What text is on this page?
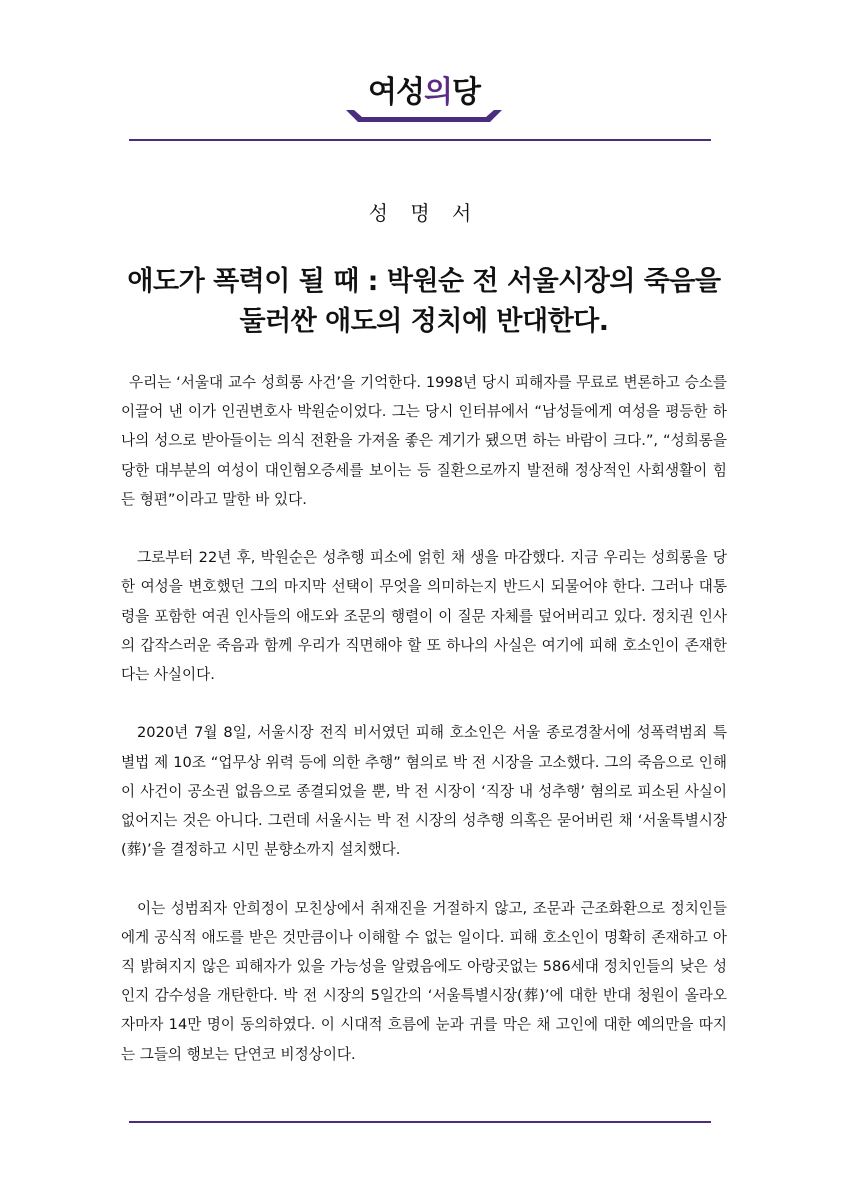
여성의당
성 명 서
애도가 폭력이 될 때 : 박원순 전 서울시장의 죽음을
둘러싼 애도의 정치에 반대한다.

우리는 ‘서울대 교수 성희롱 사건’을 기억한다. 1998년 당시 피해자를 무료로 변론하고 승소를 이끌어 낸 이가 인권변호사 박원순이었다. 그는 당시 인터뷰에서 “남성들에게 여성을 평등한 하나의 성으로 받아들이는 의식 전환을 가져올 좋은 계기가 됐으면 하는 바람이 크다.”, “성희롱을 당한 대부분의 여성이 대인혐오증세를 보이는 등 질환으로까지 발전해 정상적인 사회생활이 힘든 형편”이라고 말한 바 있다.

그로부터 22년 후, 박원순은 성추행 피소에 얽힌 채 생을 마감했다. 지금 우리는 성희롱을 당한 여성을 변호했던 그의 마지막 선택이 무엇을 의미하는지 반드시 되물어야 한다. 그러나 대통령을 포함한 여권 인사들의 애도와 조문의 행렬이 이 질문 자체를 덮어버리고 있다. 정치권 인사의 갑작스러운 죽음과 함께 우리가 직면해야 할 또 하나의 사실은 여기에 피해 호소인이 존재한다는 사실이다.

2020년 7월 8일, 서울시장 전직 비서였던 피해 호소인은 서울 종로경찰서에 성폭력범죄 특별법 제 10조 “업무상 위력 등에 의한 추행” 혐의로 박 전 시장을 고소했다. 그의 죽음으로 인해 이 사건이 공소권 없음으로 종결되었을 뿐, 박 전 시장이 ‘직장 내 성추행’ 혐의로 피소된 사실이 없어지는 것은 아니다. 그런데 서울시는 박 전 시장의 성추행 의혹은 묻어버린 채 ‘서울특별시장(葬)’을 결정하고 시민 분향소까지 설치했다.

이는 성범죄자 안희정이 모친상에서 취재진을 거절하지 않고, 조문과 근조화환으로 정치인들에게 공식적 애도를 받은 것만큼이나 이해할 수 없는 일이다. 피해 호소인이 명확히 존재하고 아직 밝혀지지 않은 피해자가 있을 가능성을 알렸음에도 아랑곳없는 586세대 정치인들의 낮은 성인지 감수성을 개탄한다. 박 전 시장의 5일간의 ‘서울특별시장(葬)’에 대한 반대 청원이 올라오자마자 14만 명이 동의하였다. 이 시대적 흐름에 눈과 귀를 막은 채 고인에 대한 예의만을 따지는 그들의 행보는 단연코 비정상이다.
